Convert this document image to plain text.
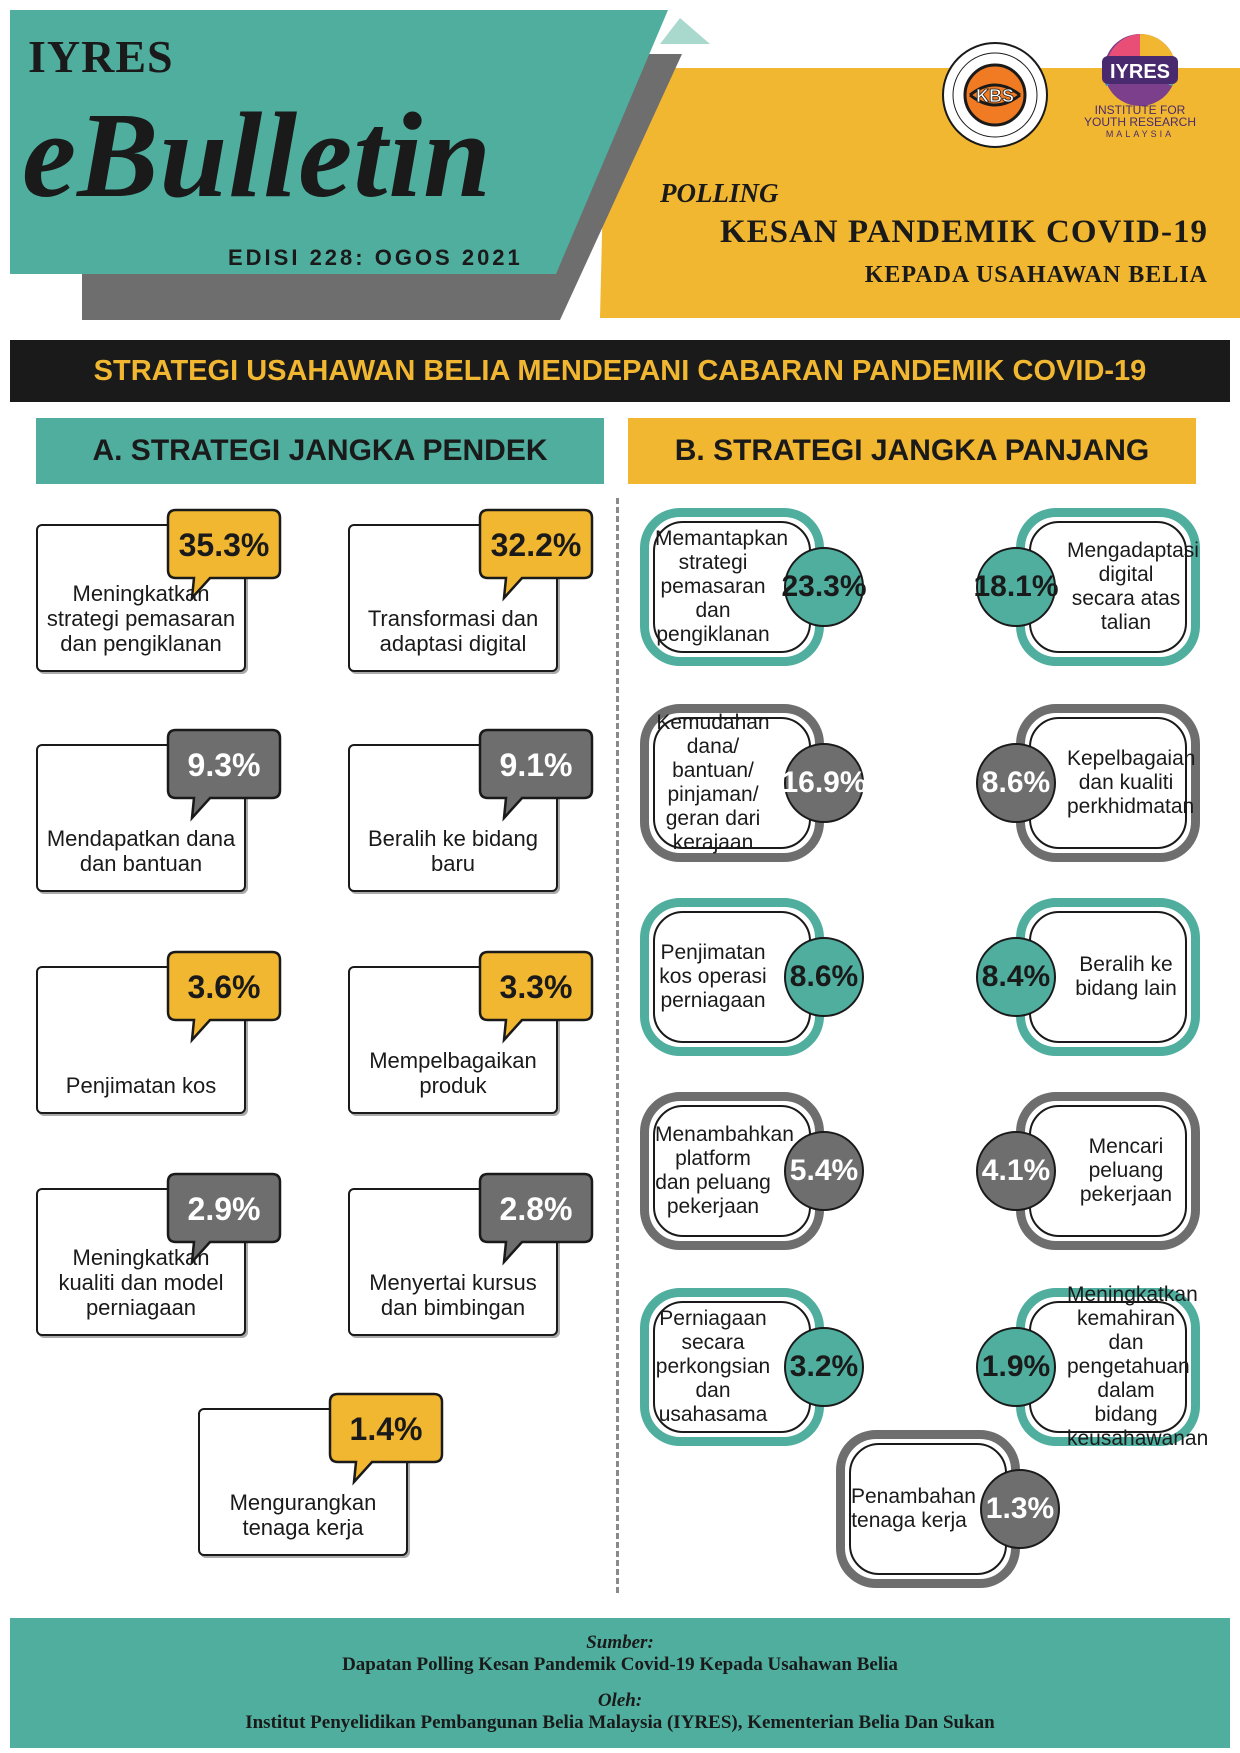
IYRES
eBulletin
EDISI 228: OGOS 2021
KBS
IYRES
INSTITUTE FOR
YOUTH RESEARCH
MALAYSIA
POLLING
KESAN PANDEMIK COVID-19
KEPADA USAHAWAN BELIA
STRATEGI USAHAWAN BELIA MENDEPANI CABARAN PANDEMIK COVID-19
A. STRATEGI JANGKA PENDEK	B. STRATEGI JANGKA PANJANG
Meningkatkan strategi pemasaran dan pengiklanan
35.3%
Transformasi dan adaptasi digital
32.2%
Mendapatkan dana dan bantuan
9.3%
Beralih ke bidang baru
9.1%
Penjimatan kos
3.6%
Mempelbagaikan produk
3.3%
Meningkatkan kualiti dan model perniagaan
2.9%
Menyertai kursus dan bimbingan
2.8%
Mengurangkan tenaga kerja
1.4%
Memantapkan strategi pemasaran dan pengiklanan
23.3%
Mengadaptasi digital secara atas talian
18.1%
Kemudahan dana/ bantuan/ pinjaman/ geran dari kerajaan
16.9%
Kepelbagaian dan kualiti perkhidmatan
8.6%
Penjimatan kos operasi perniagaan
8.6%	Beralih ke bidang lain
8.4%
Menambahkan platform dan peluang pekerjaan
5.4%
Mencari peluang pekerjaan
4.1%
Perniagaan secara perkongsian dan usahasama
3.2%
Meningkatkan kemahiran dan pengetahuan dalam bidang keusahawanan
1.9%
Penambahan tenaga kerja 1.3%
Sumber:
Dapatan Polling Kesan Pandemik Covid-19 Kepada Usahawan Belia
Oleh:
Institut Penyelidikan Pembangunan Belia Malaysia (IYRES), Kementerian Belia Dan Sukan
